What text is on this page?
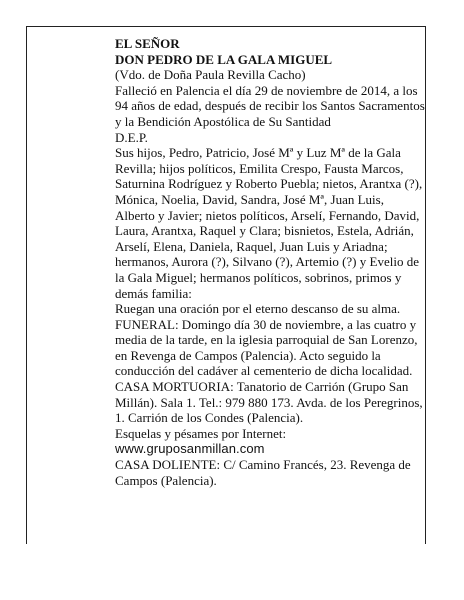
EL SEÑOR

DON PEDRO DE LA GALA MIGUEL

(Vdo. de Doña Paula Revilla Cacho)

Falleció en Palencia el día 29 de noviembre de 2014, a los 94 años de edad, después de recibir los Santos Sacramentos y la Bendición Apostólica de Su Santidad

D.E.P.

Sus hijos, Pedro, Patricio, José Mª y Luz Mª de la Gala Revilla; hijos políticos, Emilita Crespo, Fausta Marcos, Saturnina Rodríguez y Roberto Puebla; nietos, Arantxa (?), Mónica, Noelia, David, Sandra, José Mª, Juan Luis, Alberto y Javier; nietos políticos, Arselí, Fernando, David, Laura, Arantxa, Raquel y Clara; bisnietos, Estela, Adrián, Arselí, Elena, Daniela, Raquel, Juan Luis y Ariadna; hermanos, Aurora (?), Silvano (?), Artemio (?) y Evelio de la Gala Miguel; hermanos políticos, sobrinos, primos y demás familia:

Ruegan una oración por el eterno descanso de su alma.

FUNERAL: Domingo día 30 de noviembre, a las cuatro y media de la tarde, en la iglesia parroquial de San Lorenzo, en Revenga de Campos (Palencia). Acto seguido la conducción del cadáver al cementerio de dicha localidad.

CASA MORTUORIA: Tanatorio de Carrión (Grupo San Millán). Sala 1. Tel.: 979 880 173. Avda. de los Peregrinos, 1. Carrión de los Condes (Palencia).

Esquelas y pésames por Internet:

www.gruposanmillan.com

CASA DOLIENTE: C/ Camino Francés, 23. Revenga de Campos (Palencia).
